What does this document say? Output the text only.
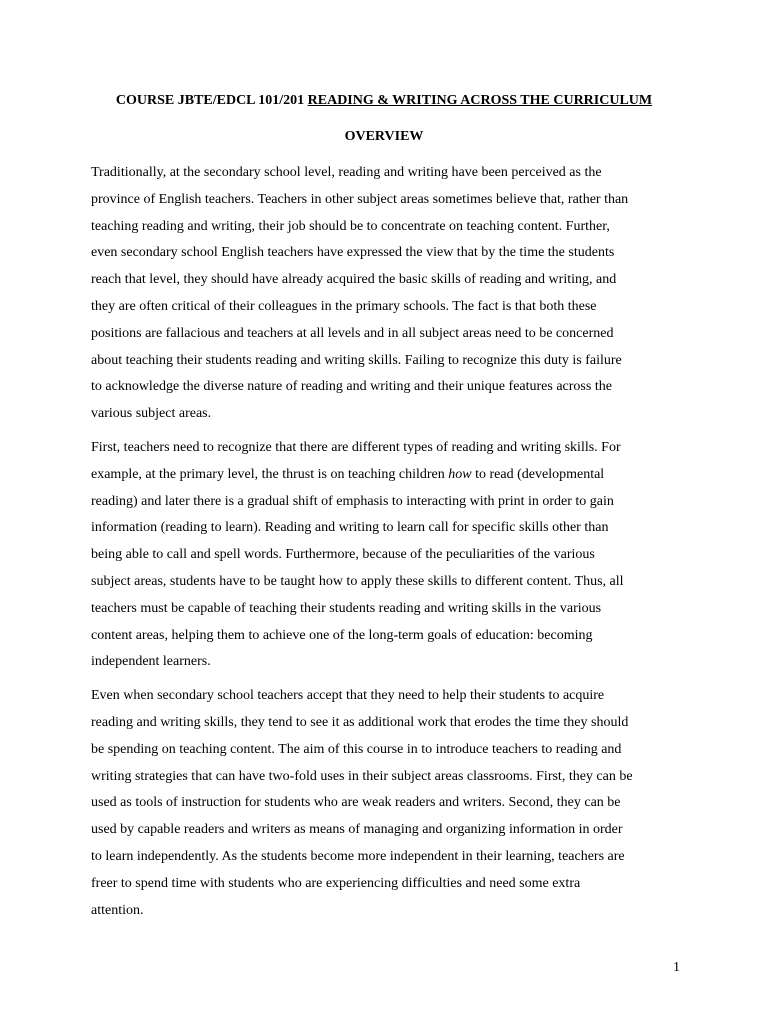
COURSE JBTE/EDCL 101/201 READING & WRITING ACROSS THE CURRICULUM
OVERVIEW

Traditionally, at the secondary school level, reading and writing have been perceived as the
province of English teachers. Teachers in other subject areas sometimes believe that, rather than
teaching reading and writing, their job should be to concentrate on teaching content. Further,
even secondary school English teachers have expressed the view that by the time the students
reach that level, they should have already acquired the basic skills of reading and writing, and
they are often critical of their colleagues in the primary schools. The fact is that both these
positions are fallacious and teachers at all levels and in all subject areas need to be concerned
about teaching their students reading and writing skills. Failing to recognize this duty is failure
to acknowledge the diverse nature of reading and writing and their unique features across the
various subject areas.

First, teachers need to recognize that there are different types of reading and writing skills. For
example, at the primary level, the thrust is on teaching children how to read (developmental
reading) and later there is a gradual shift of emphasis to interacting with print in order to gain
information (reading to learn). Reading and writing to learn call for specific skills other than
being able to call and spell words. Furthermore, because of the peculiarities of the various
subject areas, students have to be taught how to apply these skills to different content. Thus, all
teachers must be capable of teaching their students reading and writing skills in the various
content areas, helping them to achieve one of the long-term goals of education: becoming
independent learners.

Even when secondary school teachers accept that they need to help their students to acquire
reading and writing skills, they tend to see it as additional work that erodes the time they should
be spending on teaching content. The aim of this course in to introduce teachers to reading and
writing strategies that can have two-fold uses in their subject areas classrooms. First, they can be
used as tools of instruction for students who are weak readers and writers. Second, they can be
used by capable readers and writers as means of managing and organizing information in order
to learn independently. As the students become more independent in their learning, teachers are
freer to spend time with students who are experiencing difficulties and need some extra
attention.

1
